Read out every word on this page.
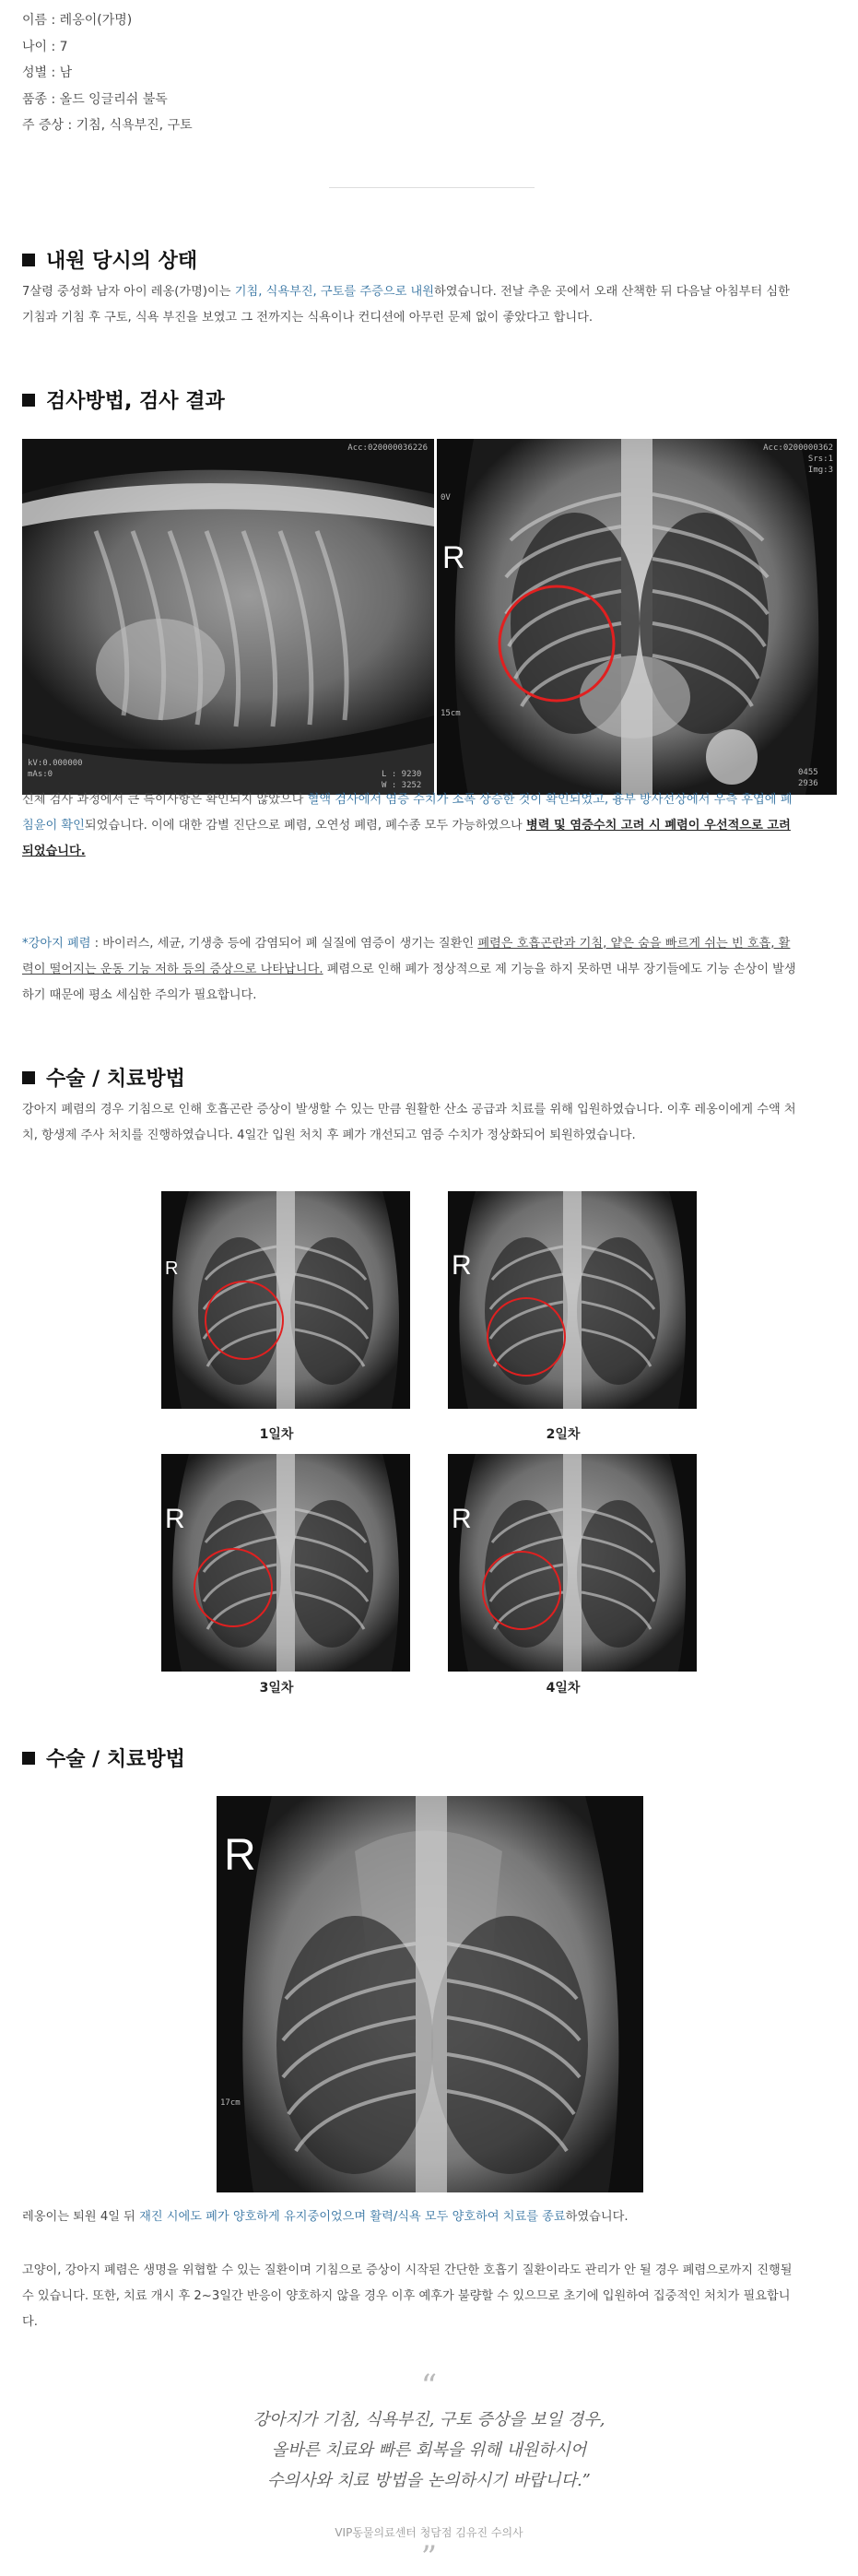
이름 : 레옹이(가명)
나이 : 7
성별 : 남
품종 : 올드 잉글리쉬 불독
주 증상 : 기침, 식욕부진, 구토
내원 당시의 상태
7살령 중성화 남자 아이 레옹(가명)이는 기침, 식욕부진, 구토를 주증으로 내원하였습니다. 전날 추운 곳에서 오래 산책한 뒤 다음날 아침부터 심한
기침과 기침 후 구토, 식욕 부진을 보였고 그 전까지는 식욕이나 컨디션에 아무런 문제 없이 좋았다고 합니다.
검사방법, 검사 결과
Acc:020000036226
kV:0.000000
mAs:0	L : 9230
W : 3252
R
Acc:0200000362
Srs:1
Img:3
0V
15cm
0455
2936
신체 검사 과정에서 큰 특이사항은 확인되지 않았으나 혈액 검사에서 염증 수치가 소폭 상승한 것이 확인되었고, 흉부 방사선상에서 우측 후엽에 폐
침윤이 확인되었습니다. 이에 대한 감별 진단으로 폐렴, 오연성 폐렴, 폐수종 모두 가능하였으나 병력 및 염증수치 고려 시 폐렴이 우선적으로 고려
되었습니다.
*강아지 폐렴 : 바이러스, 세균, 기생충 등에 감염되어 폐 실질에 염증이 생기는 질환인 폐렴은 호흡곤란과 기침, 얕은 숨을 빠르게 쉬는 빈 호흡, 활
력이 떨어지는 운동 기능 저하 등의 증상으로 나타납니다. 폐렴으로 인해 폐가 정상적으로 제 기능을 하지 못하면 내부 장기들에도 기능 손상이 발생
하기 때문에 평소 세심한 주의가 필요합니다.
수술 / 치료방법
강아지 폐렴의 경우 기침으로 인해 호흡곤란 증상이 발생할 수 있는 만큼 원활한 산소 공급과 치료를 위해 입원하였습니다. 이후 레옹이에게 수액 처
치, 항생제 주사 처치를 진행하였습니다. 4일간 입원 처치 후 폐가 개선되고 염증 수치가 정상화되어 퇴원하였습니다.
R
1일차
R
2일차
R
3일차
R
4일차
수술 / 치료방법
R
17cm
레옹이는 퇴원 4일 뒤 재진 시에도 폐가 양호하게 유지중이었으며 활력/식욕 모두 양호하여 치료를 종료하였습니다.
고양이, 강아지 폐렴은 생명을 위협할 수 있는 질환이며 기침으로 증상이 시작된 간단한 호흡기 질환이라도 관리가 안 될 경우 폐렴으로까지 진행될
수 있습니다. 또한, 치료 개시 후 2~3일간 반응이 양호하지 않을 경우 이후 예후가 불량할 수 있으므로 초기에 입원하여 집중적인 처치가 필요합니
다.
“
강아지가 기침, 식욕부진, 구토 증상을 보일 경우,
올바른 치료와 빠른 회복을 위해 내원하시어
수의사와 치료 방법을 논의하시기 바랍니다.”
VIP동물의료센터 청담점 김유진 수의사
”
